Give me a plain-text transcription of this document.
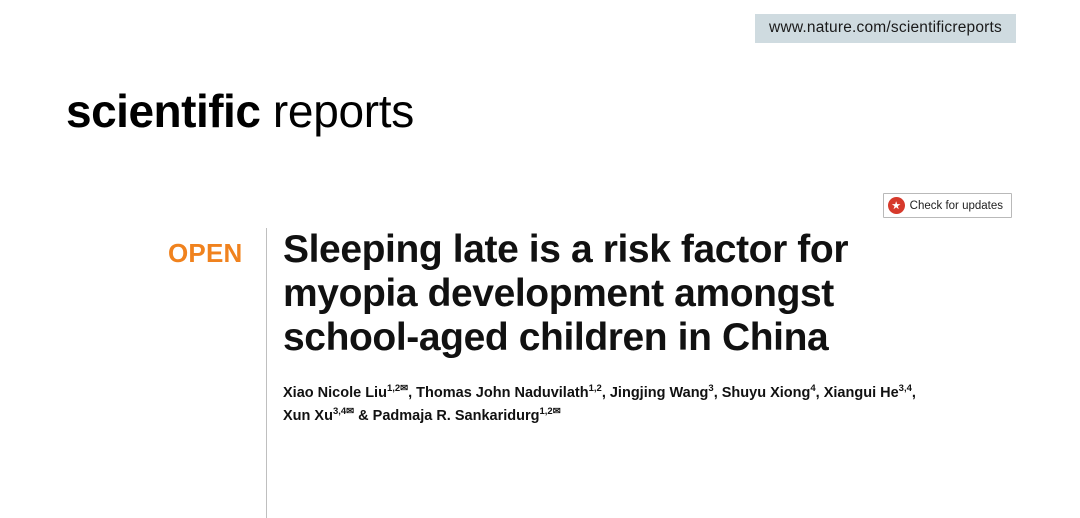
www.nature.com/scientificreports
scientific reports
Check for updates
OPEN Sleeping late is a risk factor for myopia development amongst school-aged children in China
Xiao Nicole Liu$^{1,2✉}$, Thomas John Naduvilath$^{1,2}$, Jingjing Wang$^3$, Shuyu Xiong$^4$, Xiangui He$^{3,4}$,
Xun $Xu^{3,4✉}$ & Padmaja R. Sankaridurg$^{1,2✉}$
